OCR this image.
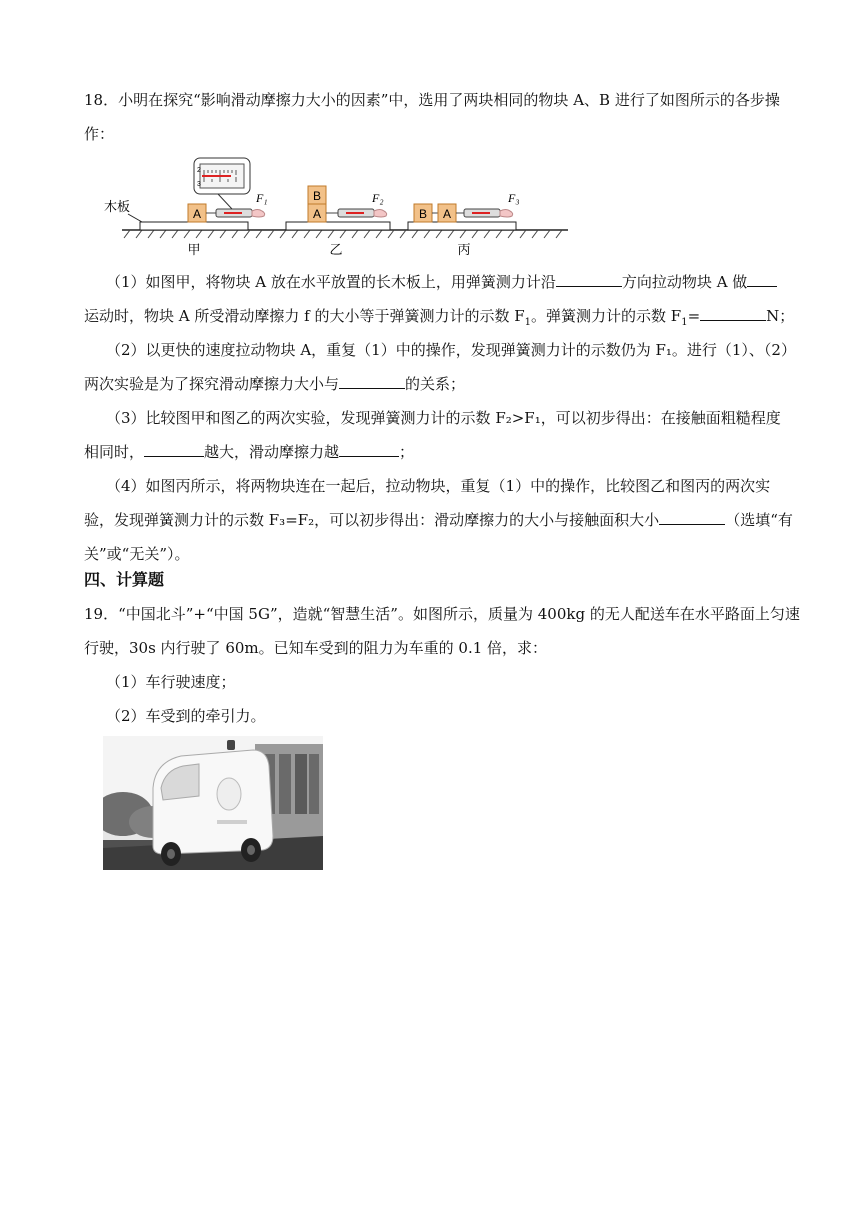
18．小明在探究“影响滑动摩擦力大小的因素”中，选用了两块相同的物块 A、B 进行了如图所示的各步操
作：
木板	A
F₁
2
3
B
A
F₂
B A
F₃
甲	乙	丙
（1）如图甲，将物块 A 放在水平放置的长木板上，用弹簧测力计沿	方向拉动物块 A 做
运动时，物块 A 所受滑动摩擦力 f 的大小等于弹簧测力计的示数 $F_1$。弹簧测力计的示数 $F_1=$	N；
（2）以更快的速度拉动物块 A，重复（1）中的操作，发现弹簧测力计的示数仍为 F₁。进行（1）、（2）
两次实验是为了探究滑动摩擦力大小与	的关系；
（3）比较图甲和图乙的两次实验，发现弹簧测力计的示数 F₂>F₁，可以初步得出：在接触面粗糙程度
相同时，	越大，滑动摩擦力越	；
（4）如图丙所示，将两物块连在一起后，拉动物块，重复（1）中的操作，比较图乙和图丙的两次实
验，发现弹簧测力计的示数 F₃=F₂，可以初步得出：滑动摩擦力的大小与接触面积大小	（选填“有
关”或“无关”）。
四、计算题
19．“中国北斗”+“中国 5G”，造就“智慧生活”。如图所示，质量为 400kg 的无人配送车在水平路面上匀速
行驶，30s 内行驶了 60m。已知车受到的阻力为车重的 0.1 倍，求：
（1）车行驶速度；
（2）车受到的牵引力。
